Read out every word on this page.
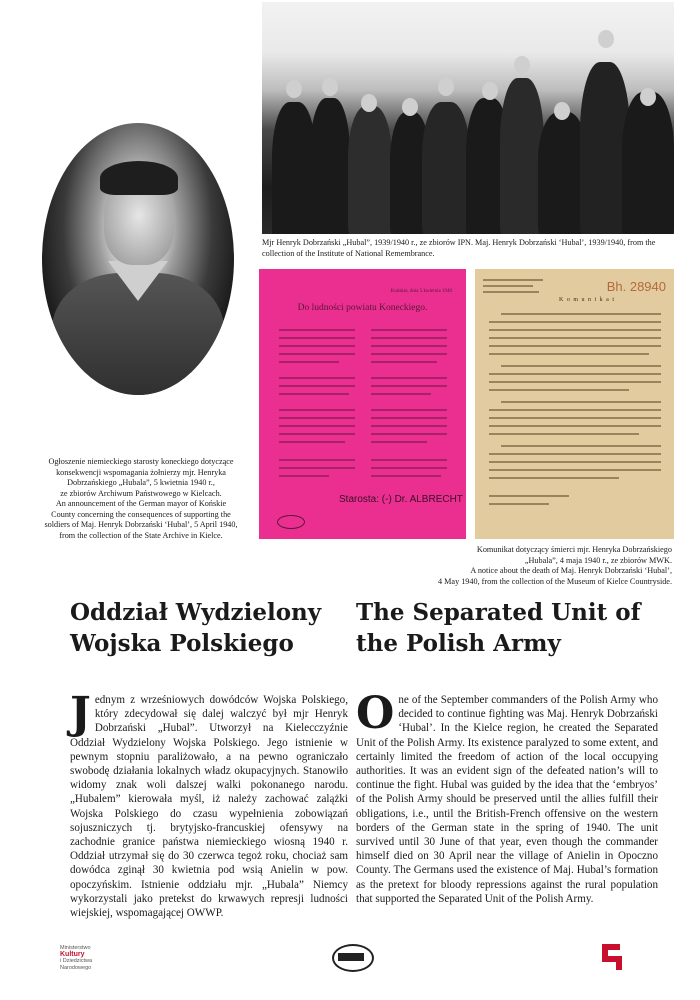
Mjr Henryk Dobrzański „Hubal”, 1939/1940 r., ze zbiorów IPN. Maj. Henryk Dobrzański ‘Hubal’, 1939/1940, from the collection of the Institute of National Remembrance.
Końskie, dnia 5 kwietnia 1940
Do ludności powiatu Koneckiego.
Starosta: (-) Dr. ALBRECHT
Bh. 28940
K o m u n i k a t
Ogłoszenie niemieckiego starosty koneckiego dotyczące
konsekwencji wspomagania żołnierzy mjr. Henryka
Dobrzańskiego „Hubala”, 5 kwietnia 1940 r.,
ze zbiorów Archiwum Państwowego w Kielcach.
An announcement of the German mayor of Końskie
County concerning the consequences of supporting the
soldiers of Maj. Henryk Dobrzański ‘Hubal’, 5 April 1940,
from the collection of the State Archive in Kielce.
Komunikat dotyczący śmierci mjr. Henryka Dobrzańskiego
„Hubala”, 4 maja 1940 r., ze zbiorów MWK.
A notice about the death of Maj. Henryk Dobrzański ‘Hubal’,
4 May 1940, from the collection of the Museum of Kielce Countryside.
Oddział Wydzielony Wojska Polskiego
The Separated Unit of the Polish Army
Jednym z wrześniowych dowódców Wojska Polskiego, który zdecydował się dalej walczyć był mjr Henryk Dobrzański „Hubal”. Utworzył na Kielecczyźnie Oddział Wydzielony Wojska Polskiego. Jego istnienie w pewnym stopniu paraliżowało, a na pewno ograniczało swobodę działania lokalnych władz okupacyjnych. Stanowiło widomy znak woli dalszej walki pokonanego narodu. „Hubalem” kierowała myśl, iż należy zachować zalążki Wojska Polskiego do czasu wypełnienia zobowiązań sojuszniczych tj. brytyjsko-francuskiej ofensywy na zachodnie granice państwa niemieckiego wiosną 1940 r. Oddział utrzymał się do 30 czerwca tegoż roku, chociaż sam dowódca zginął 30 kwietnia pod wsią Anielin w pow. opoczyńskim. Istnienie oddziału mjr. „Hubala” Niemcy wykorzystali jako pretekst do krwawych represji ludności wiejskiej, wspomagającej OWWP.
One of the September commanders of the Polish Army who decided to continue fighting was Maj. Henryk Dobrzański ‘Hubal’. In the Kielce region, he created the Separated Unit of the Polish Army. Its existence paralyzed to some extent, and certainly limited the freedom of action of the local occupying authorities. It was an evident sign of the defeated nation’s will to continue the fight. Hubal was guided by the idea that the ‘embryos’ of the Polish Army should be preserved until the allies fulfill their obligations, i.e., until the British-French offensive on the western borders of the German state in the spring of 1940. The unit survived until 30 June of that year, even though the commander himself died on 30 April near the village of Anielin in Opoczno County. The Germans used the existence of Maj. Hubal’s formation as the pretext for bloody repressions against the rural population that supported the Separated Unit of the Polish Army.
Ministerstwo
Kultury
i Dziedzictwa
Narodowego
